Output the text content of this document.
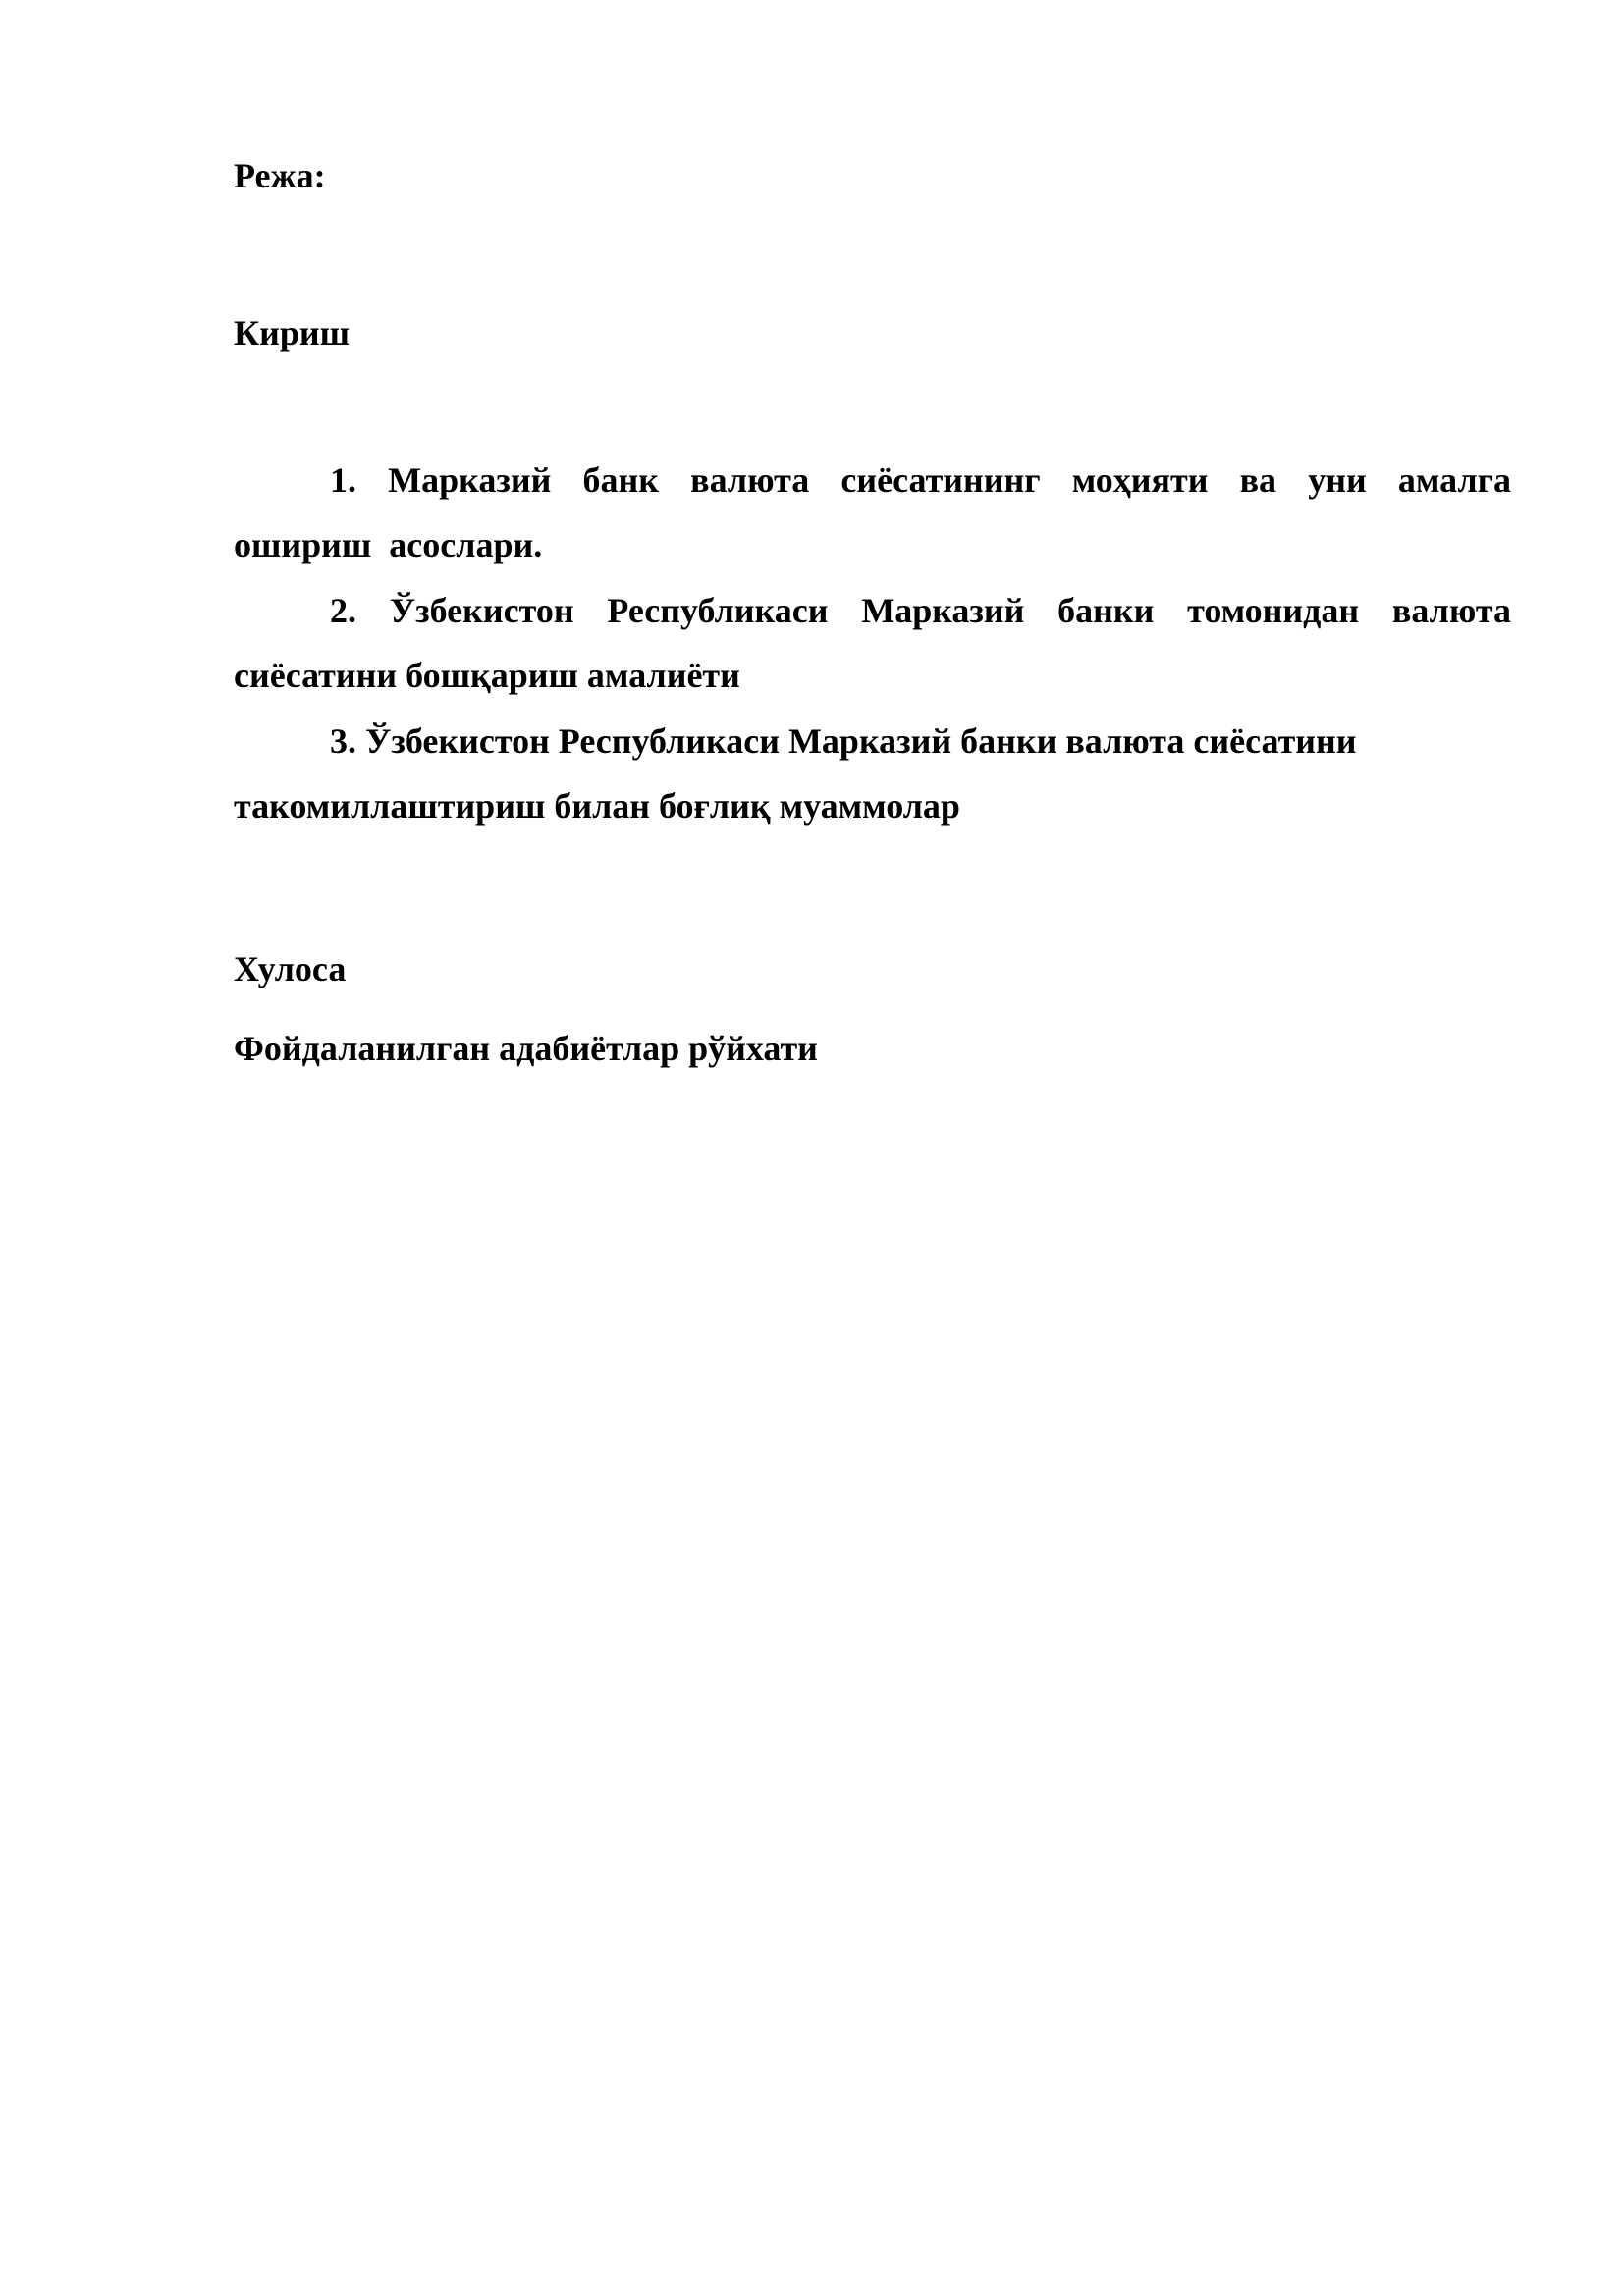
Режа:
Кириш
1. Марказий банк валюта сиёсатининг моҳияти ва уни амалга
ошириш  асослари.
2. Ўзбекистон Республикаси Марказий банки томонидан валюта
сиёсатини бошқариш амалиёти
3. Ўзбекистон Республикаси Марказий банки валюта сиёсатини
такомиллаштириш билан боғлиқ муаммолар
Хулоса
Фойдаланилган адабиётлар рўйхати
